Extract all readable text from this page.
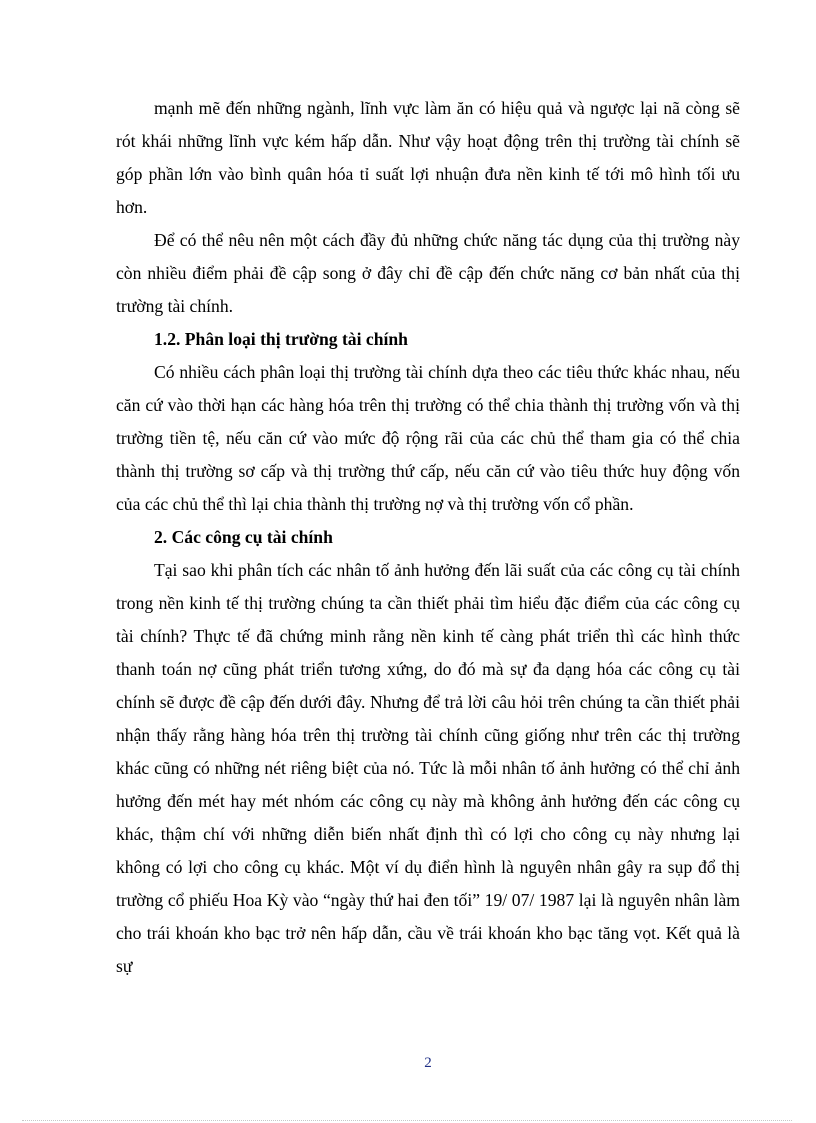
mạnh mẽ đến những ngành, lĩnh vực làm ăn có hiệu quả và ngược lại nã còng sẽ rót khái những lĩnh vực kém hấp dẫn. Như vậy hoạt động trên thị trường tài chính sẽ góp phần lớn vào bình quân hóa tỉ suất lợi nhuận đưa nền kinh tế tới mô hình tối ưu hơn.

Để có thể nêu nên một cách đầy đủ những chức năng tác dụng của thị trường này còn nhiều điểm phải đề cập song ở đây chỉ đề cập đến chức năng cơ bản nhất của thị trường tài chính.

1.2. Phân loại thị trường tài chính

Có nhiều cách phân loại thị trường tài chính dựa theo các tiêu thức khác nhau, nếu căn cứ vào thời hạn các hàng hóa trên thị trường có thể chia thành thị trường vốn và thị trường tiền tệ, nếu căn cứ vào mức độ rộng rãi của các chủ thể tham gia có thể chia thành thị trường sơ cấp và thị trường thứ cấp, nếu căn cứ vào tiêu thức huy động vốn của các chủ thể thì lại chia thành thị trường nợ và thị trường vốn cổ phần.

2. Các công cụ tài chính

Tại sao khi phân tích các nhân tố ảnh hưởng đến lãi suất của các công cụ tài chính trong nền kinh tế thị trường chúng ta cần thiết phải tìm hiểu đặc điểm của các công cụ tài chính? Thực tế đã chứng minh rằng nền kinh tế càng phát triển thì các hình thức thanh toán nợ cũng phát triển tương xứng, do đó mà sự đa dạng hóa các công cụ tài chính sẽ được đề cập đến dưới đây. Nhưng để trả lời câu hỏi trên chúng ta cần thiết phải nhận thấy rằng hàng hóa trên thị trường tài chính cũng giống như trên các thị trường khác cũng có những nét riêng biệt của nó. Tức là mỗi nhân tố ảnh hưởng có thể chỉ ảnh hưởng đến mét hay mét nhóm các công cụ này mà không ảnh hưởng đến các công cụ khác, thậm chí với những diễn biến nhất định thì có lợi cho công cụ này nhưng lại không có lợi cho công cụ khác. Một ví dụ điển hình là nguyên nhân gây ra sụp đổ thị trường cổ phiếu Hoa Kỳ vào “ngày thứ hai đen tối” 19/ 07/ 1987 lại là nguyên nhân làm cho trái khoán kho bạc trở nên hấp dẫn, cầu về trái khoán kho bạc tăng vọt. Kết quả là sự

2
